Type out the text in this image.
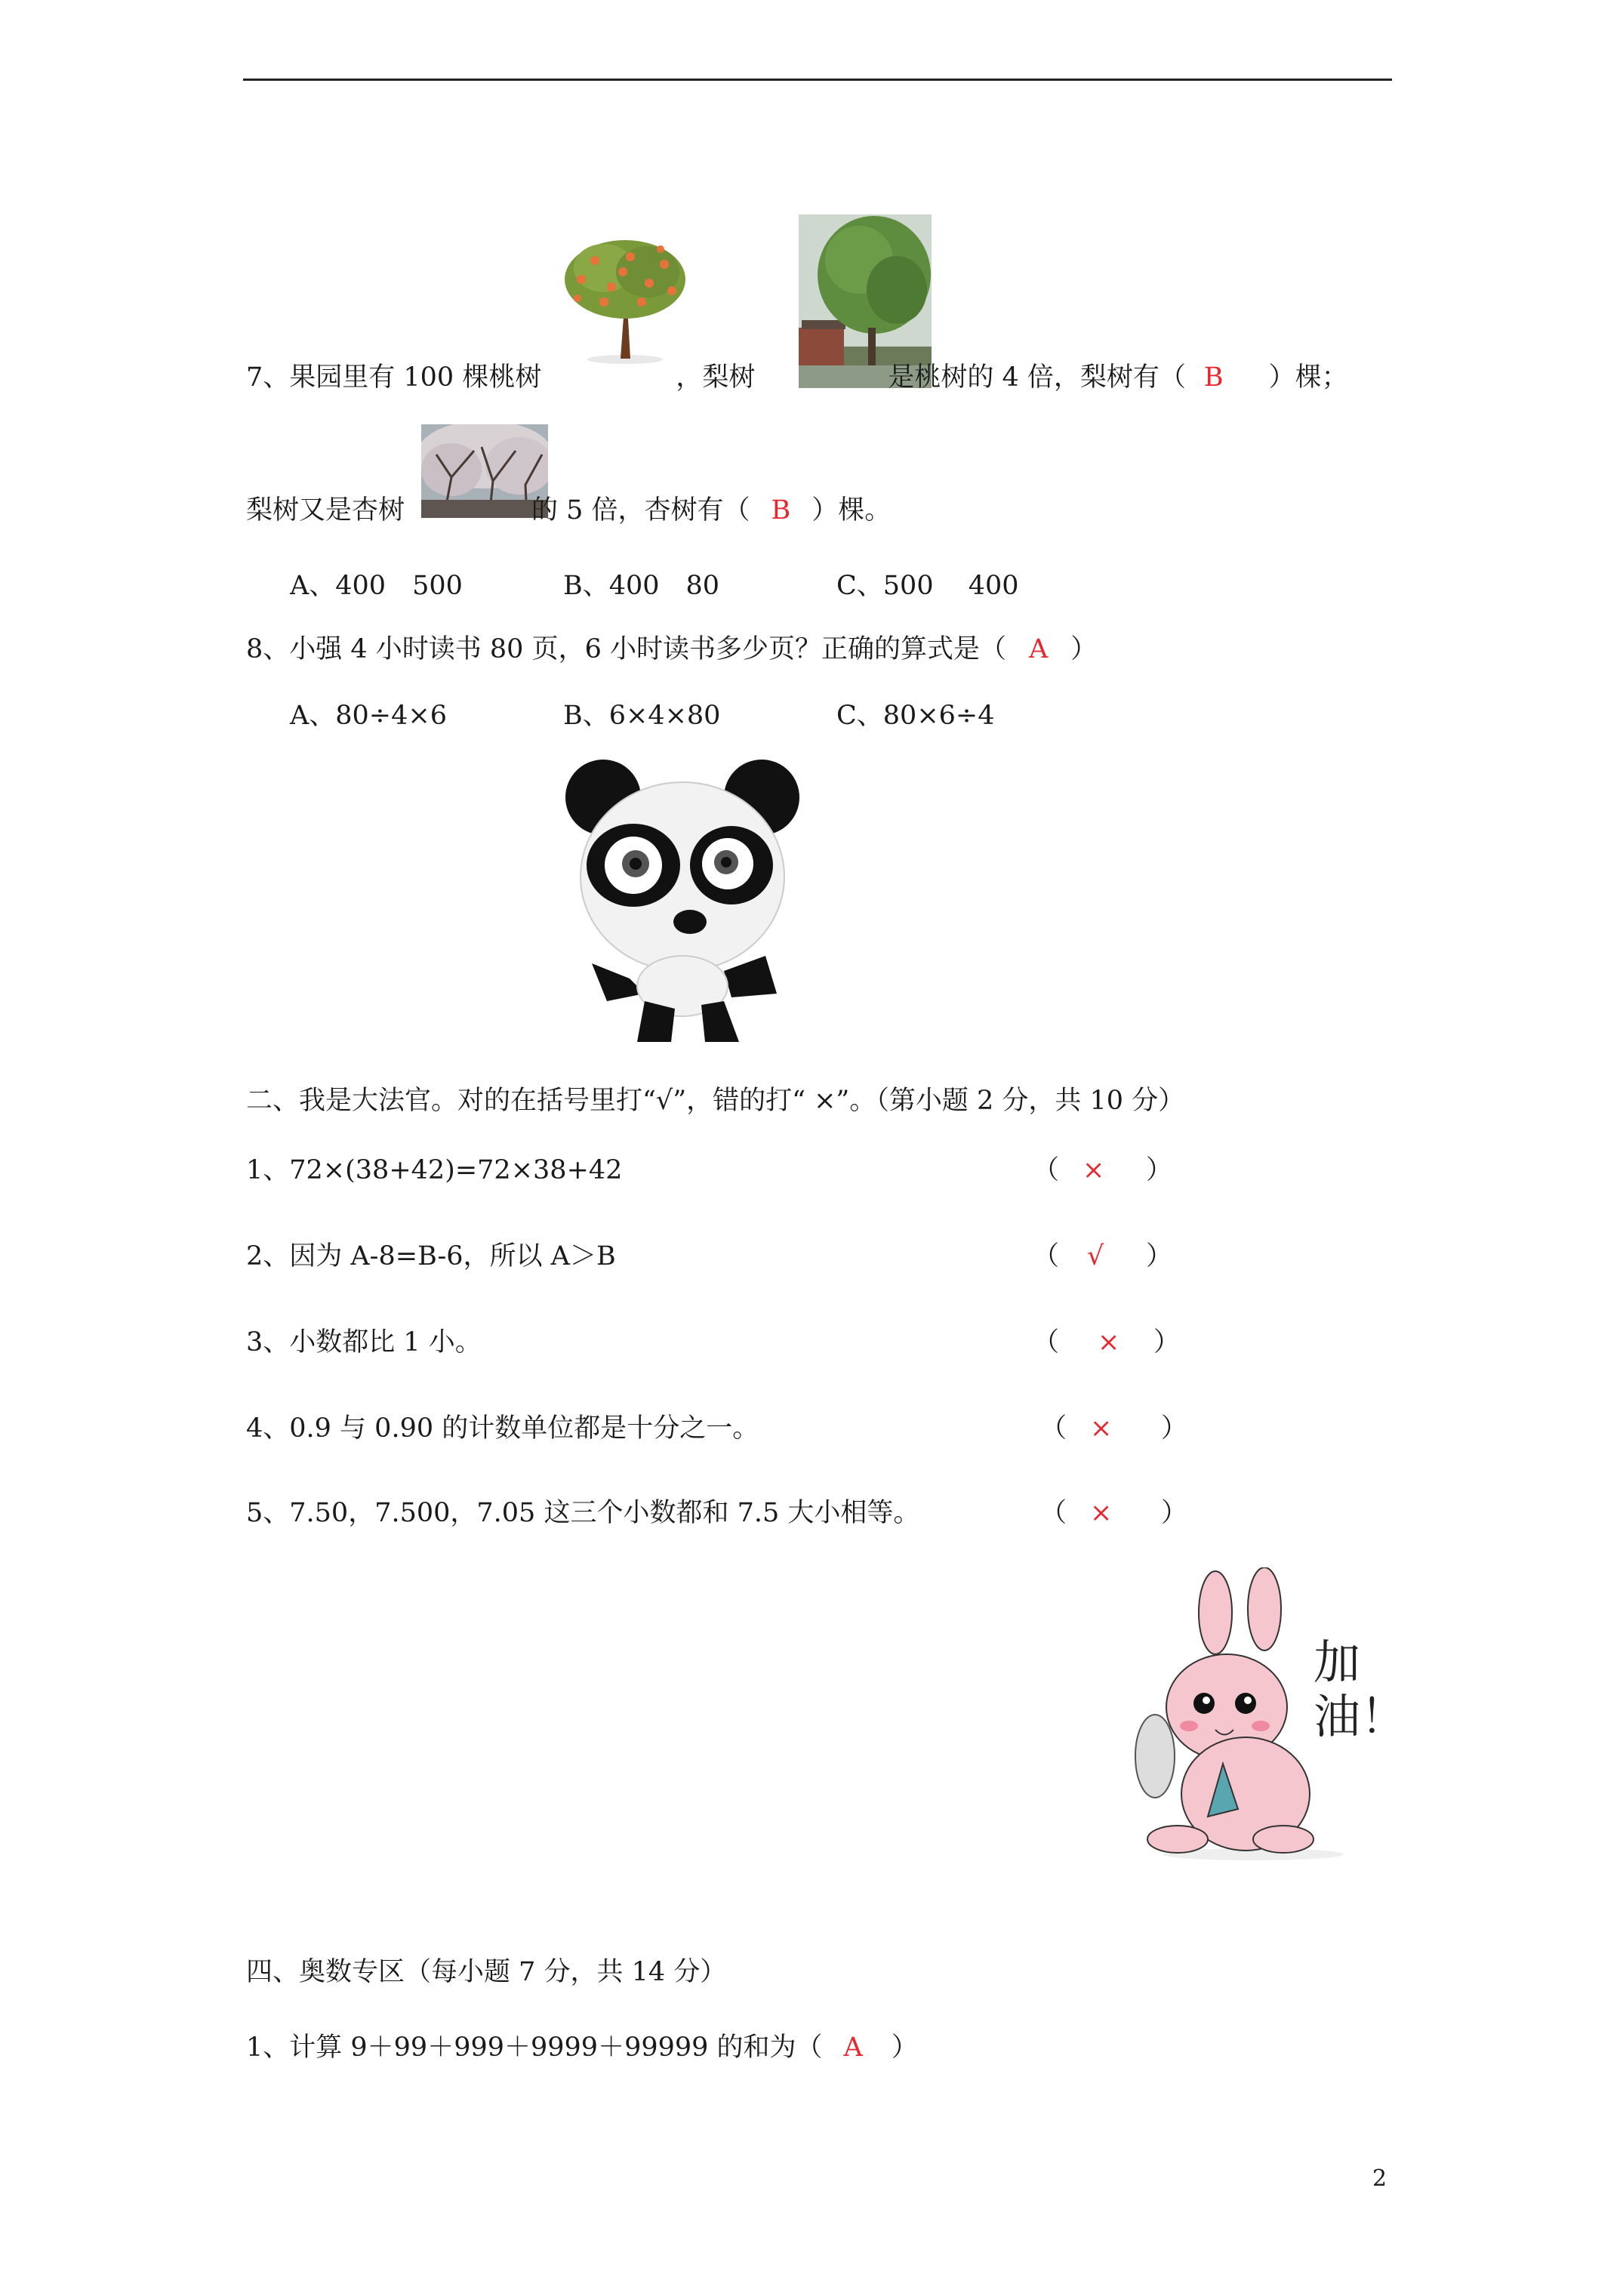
7、果园里有 100 棵桃树	，梨树	是桃树的 4 倍，梨树有（ B ）棵；
梨树又是杏树	的 5 倍，杏树有（ B ）棵。
A、400　500	B、400　80	C、500　 400
8、小强 4 小时读书 80 页，6 小时读书多少页？正确的算式是（ A ）
A、80÷4×6	B、6×4×80	C、80×6÷4
二、我是大法官。对的在括号里打“√”，错的打“ ×”。（第小题 2 分，共 10 分）
1、72×(38+42)=72×38+42	（ × ）
2、因为 A-8=B-6，所以 A＞B	（ √ ）
3、小数都比 1 小。	（ × ）
4、0.9 与 0.90 的计数单位都是十分之一。	（ × ）
5、7.50，7.500，7.05 这三个小数都和 7.5 大小相等。	（ × ）
加油！
四、奥数专区（每小题 7 分，共 14 分）
1、计算 9＋99＋999＋9999＋99999 的和为（ A ）
2
